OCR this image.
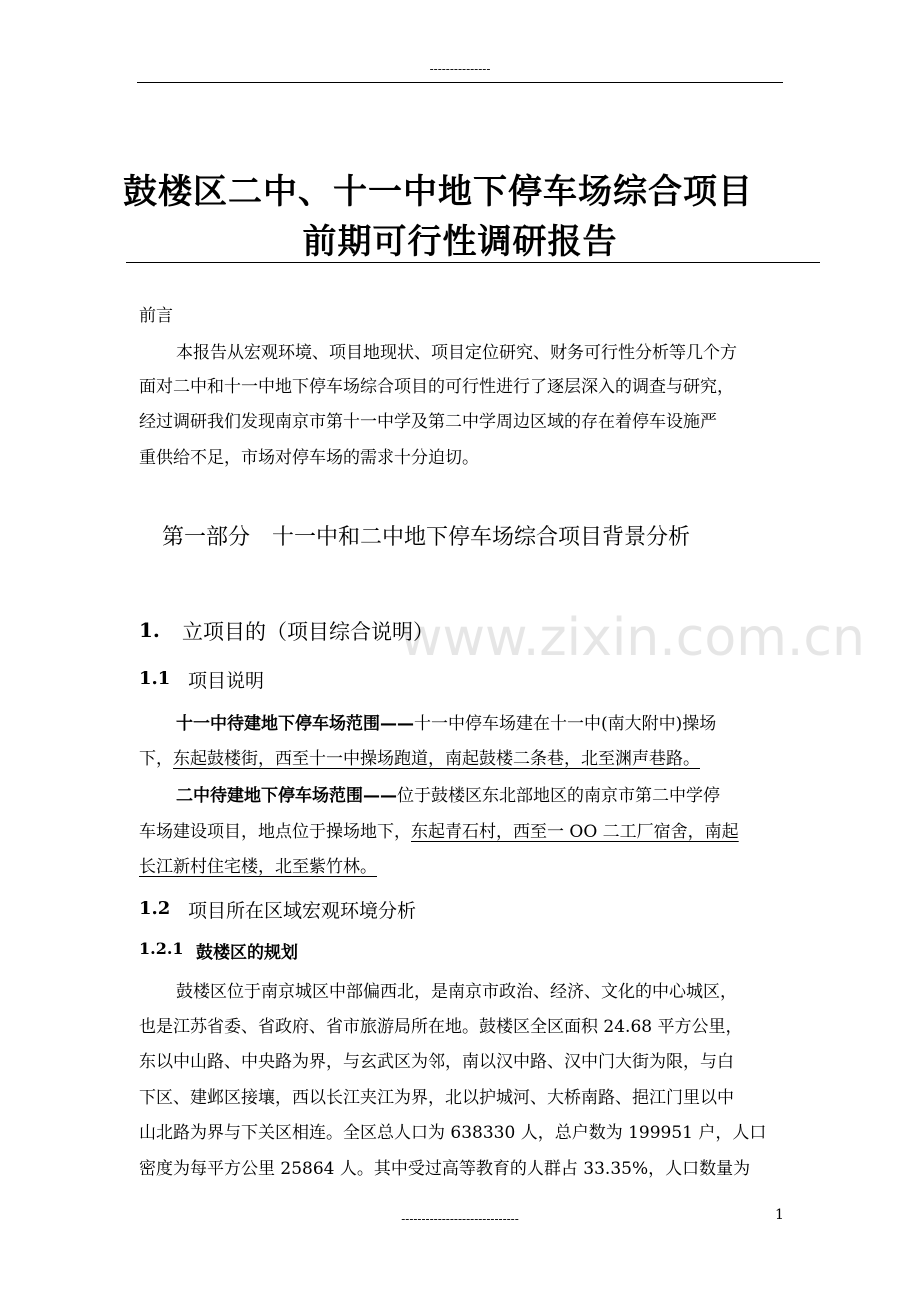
---------------
www.zixin.com.cn
鼓楼区二中、十一中地下停车场综合项目
前期可行性调研报告
前言
本报告从宏观环境、项目地现状、项目定位研究、财务可行性分析等几个方
面对二中和十一中地下停车场综合项目的可行性进行了逐层深入的调查与研究，
经过调研我们发现南京市第十一中学及第二中学周边区域的存在着停车设施严
重供给不足，市场对停车场的需求十分迫切。
第一部分　十一中和二中地下停车场综合项目背景分析
1. 立项目的（项目综合说明）
1.1 项目说明
十一中待建地下停车场范围——十一中停车场建在十一中(南大附中)操场
下，东起鼓楼街，西至十一中操场跑道，南起鼓楼二条巷，北至渊声巷路。
二中待建地下停车场范围——位于鼓楼区东北部地区的南京市第二中学停
车场建设项目，地点位于操场地下，东起青石村，西至一 OO 二工厂宿舍，南起
长江新村住宅楼，北至紫竹林。
1.2 项目所在区域宏观环境分析
1.2.1 鼓楼区的规划
鼓楼区位于南京城区中部偏西北，是南京市政治、经济、文化的中心城区，
也是江苏省委、省政府、省市旅游局所在地。鼓楼区全区面积 24.68 平方公里，
东以中山路、中央路为界，与玄武区为邻，南以汉中路、汉中门大街为限，与白
下区、建邺区接壤，西以长江夹江为界，北以护城河、大桥南路、挹江门里以中
山北路为界与下关区相连。全区总人口为 638330 人，总户数为 199951 户，人口
密度为每平方公里 25864 人。其中受过高等教育的人群占 33.35%，人口数量为
-----------------------------	1
